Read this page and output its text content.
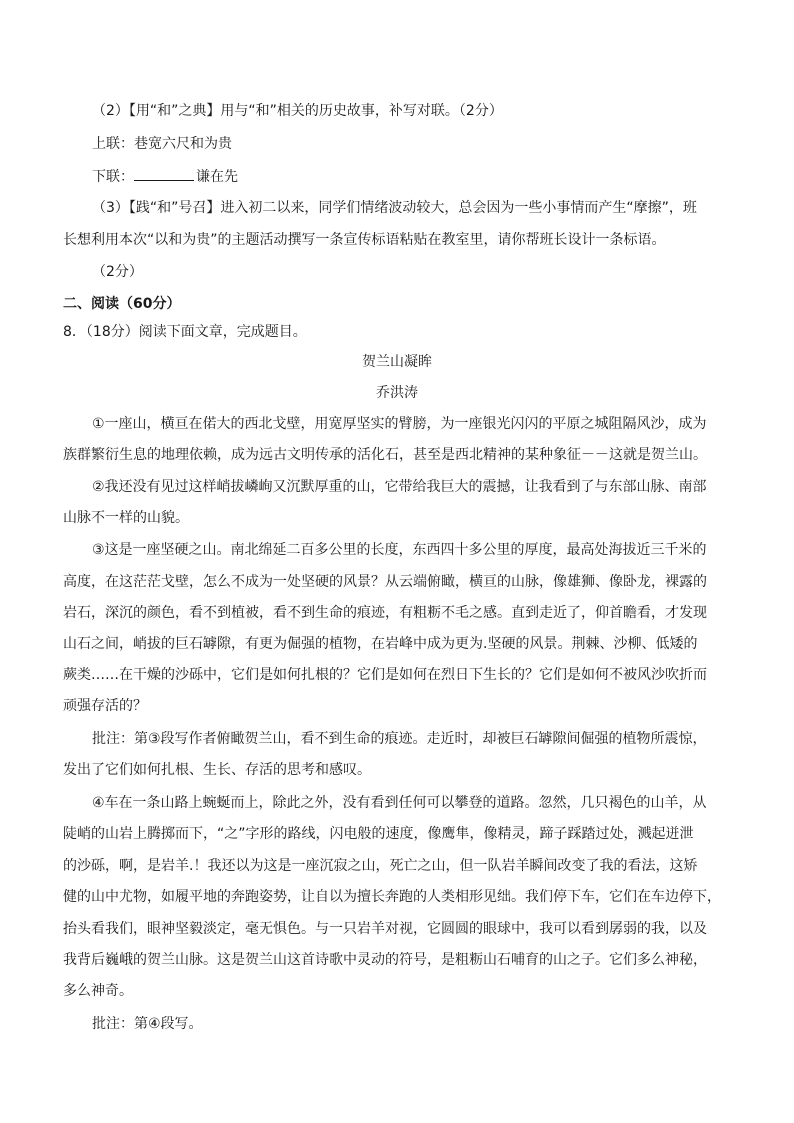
（2）【用“和”之典】用与“和”相关的历史故事，补写对联。（2分）
上联：巷宽六尺和为贵
下联：	谦在先
（3）【践“和”号召】进入初二以来，同学们情绪波动较大，总会因为一些小事情而产生“摩擦”，班
长想利用本次“以和为贵”的主题活动撰写一条宣传标语粘贴在教室里，请你帮班长设计一条标语。
（2分）
二、阅读（60分）
8．（18分）阅读下面文章，完成题目。
贺兰山凝眸
乔洪涛
①一座山，横亘在偌大的西北戈壁，用宽厚坚实的臂膀，为一座银光闪闪的平原之城阻隔风沙，成为
族群繁衍生息的地理依赖，成为远古文明传承的活化石，甚至是西北精神的某种象征－－这就是贺兰山。
②我还没有见过这样峭拔嶙峋又沉默厚重的山，它带给我巨大的震撼，让我看到了与东部山脉、南部
山脉不一样的山貌。
③这是一座坚硬之山。南北绵延二百多公里的长度，东西四十多公里的厚度，最高处海拔近三千米的
高度，在这茫茫戈壁，怎么不成为一处坚硬的风景？从云端俯瞰，横亘的山脉，像雄狮、像卧龙，裸露的
岩石，深沉的颜色，看不到植被，看不到生命的痕迹，有粗粝不毛之感。直到走近了，仰首瞻看，才发现
山石之间，峭拔的巨石罅隙，有更为倔强的植物，在岩峰中成为更为.坚硬的风景。荆棘、沙柳、低矮的
蕨类……在干燥的沙砾中，它们是如何扎根的？它们是如何在烈日下生长的？它们是如何不被风沙吹折而
顽强存活的？
批注：第③段写作者俯瞰贺兰山，看不到生命的痕迹。走近时，却被巨石罅隙间倔强的植物所震惊，
发出了它们如何扎根、生长、存活的思考和感叹。
④车在一条山路上蜿蜒而上，除此之外，没有看到任何可以攀登的道路。忽然，几只褐色的山羊，从
陡峭的山岩上腾掷而下，“之”字形的路线，闪电般的速度，像鹰隼，像精灵，蹄子踩踏过处，溅起迸泄
的沙砾，啊，是岩羊.！我还以为这是一座沉寂之山，死亡之山，但一队岩羊瞬间改变了我的看法，这矫
健的山中尤物，如履平地的奔跑姿势，让自以为擅长奔跑的人类相形见绌。我们停下车，它们在车边停下，
抬头看我们，眼神坚毅淡定，毫无惧色。与一只岩羊对视，它圆圆的眼球中，我可以看到孱弱的我，以及
我背后巍峨的贺兰山脉。这是贺兰山这首诗歌中灵动的符号，是粗粝山石哺育的山之子。它们多么神秘，
多么神奇。
批注：第④段写。
